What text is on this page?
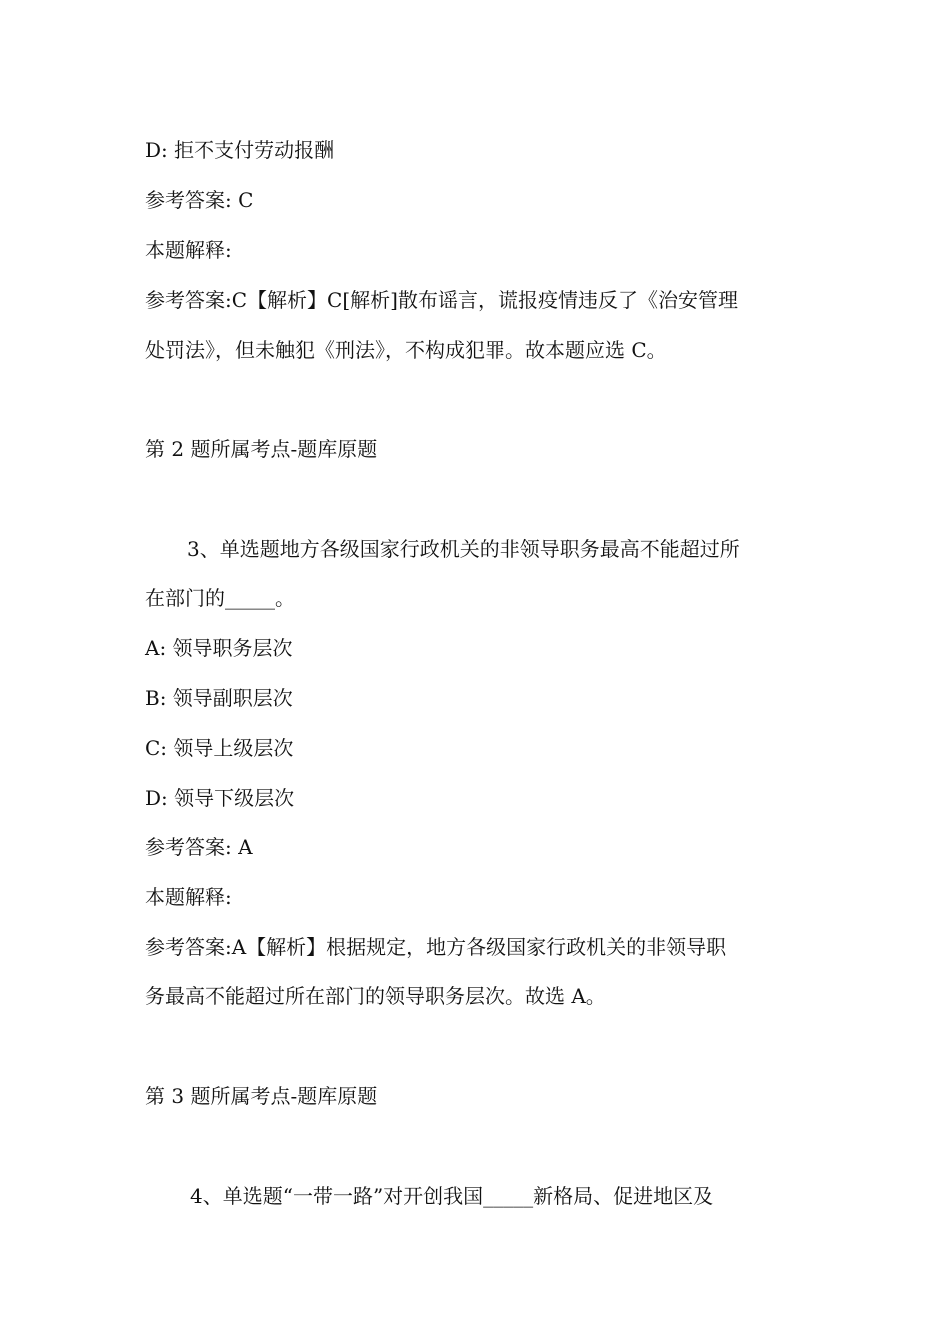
D: 拒不支付劳动报酬
参考答案: C
本题解释:
参考答案:C【解析】C[解析]散布谣言，谎报疫情违反了《治安管理
处罚法》，但未触犯《刑法》，不构成犯罪。故本题应选 C。
第 2 题所属考点-题库原题
3、单选题地方各级国家行政机关的非领导职务最高不能超过所
在部门的_____。
A: 领导职务层次
B: 领导副职层次
C: 领导上级层次
D: 领导下级层次
参考答案: A
本题解释:
参考答案:A【解析】根据规定，地方各级国家行政机关的非领导职
务最高不能超过所在部门的领导职务层次。故选 A。
第 3 题所属考点-题库原题
4、单选题“一带一路”对开创我国_____新格局、促进地区及
